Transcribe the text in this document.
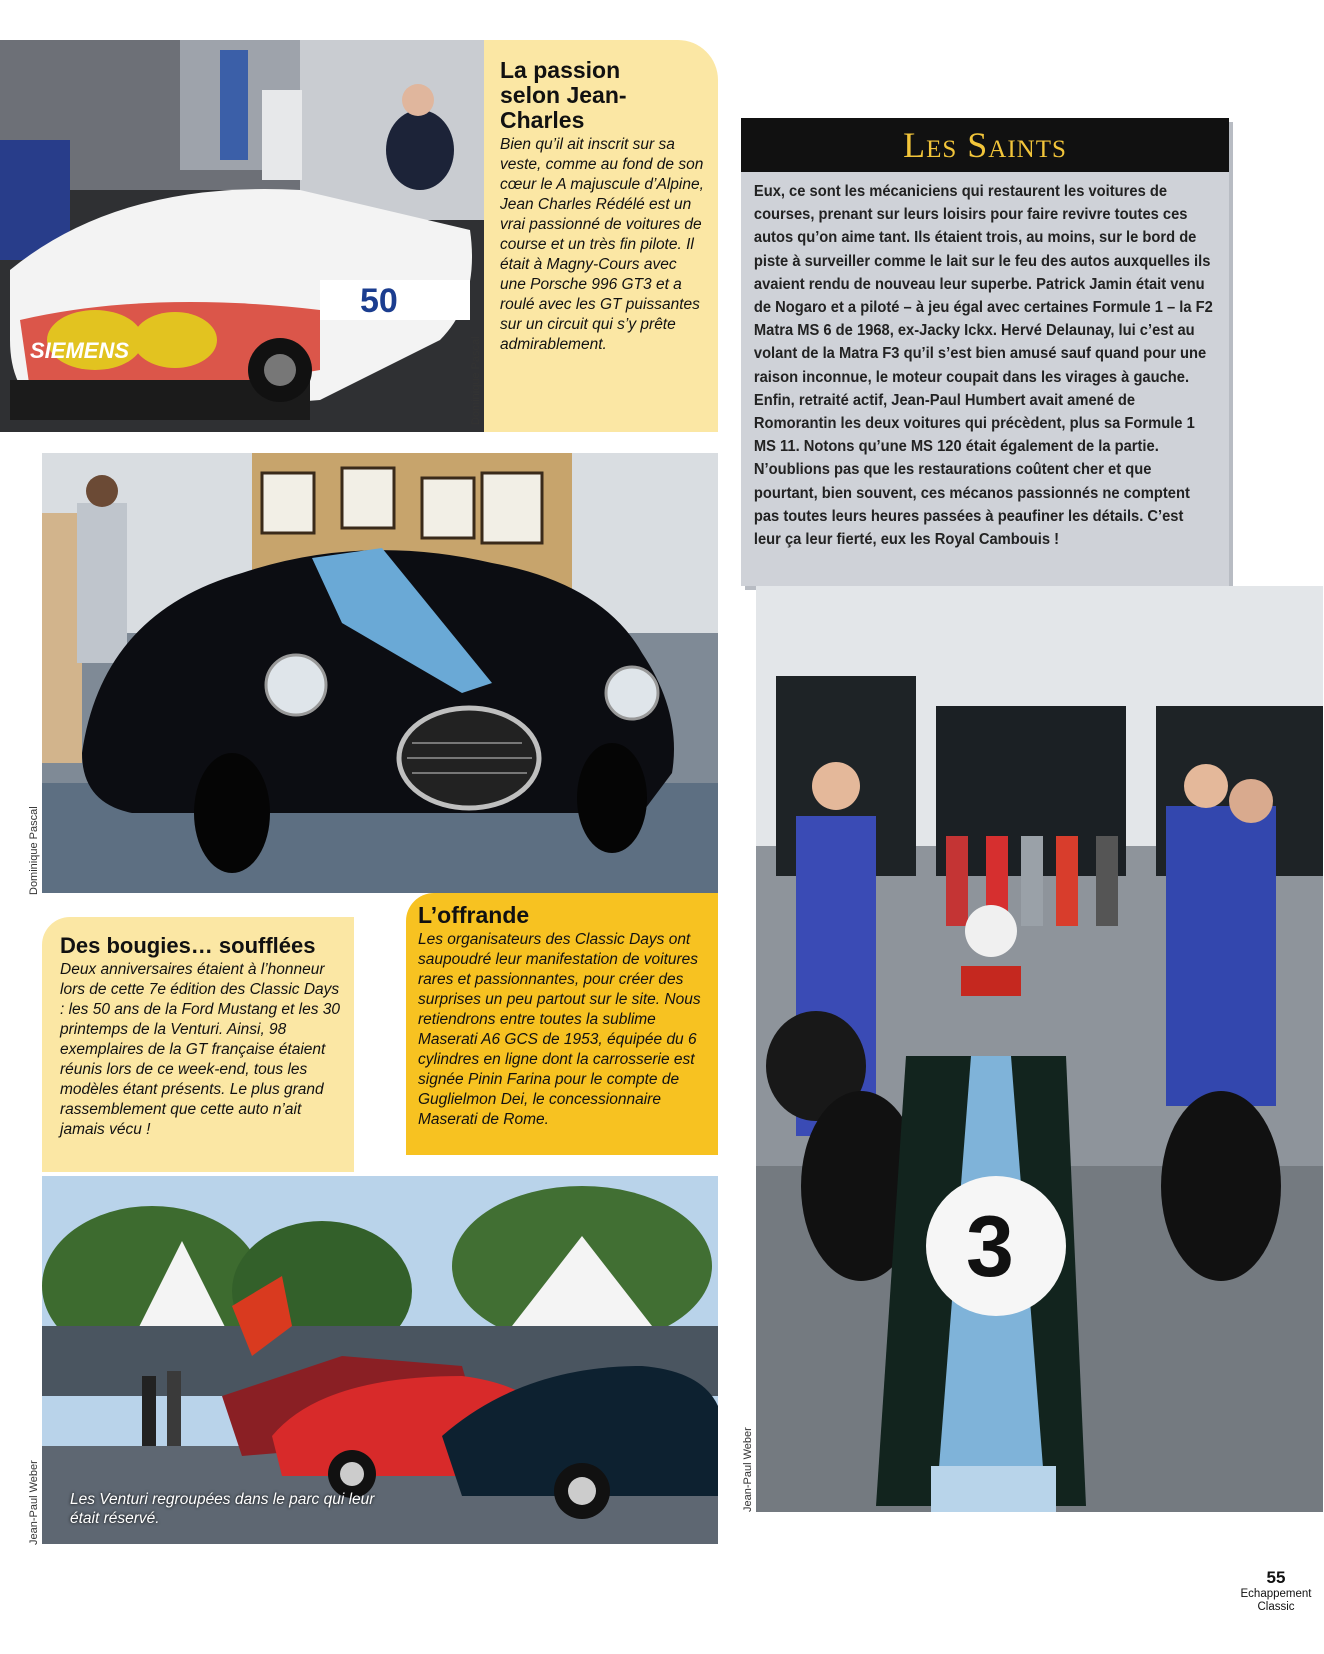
50
SIEMENS	Dominique Pascal
La passion selon Jean-Charles

Bien qu’il ait inscrit sur sa veste, comme au fond de son cœur le A majuscule d’Alpine, Jean Charles Rédélé est un vrai passionné de voitures de course et un très fin pilote. Il était à Magny-Cours avec une Porsche 996 GT3 et a roulé avec les GT puissantes sur un circuit qui s’y prête admirablement.

Les Saints

Eux, ce sont les mécaniciens qui restaurent les voitures de courses, prenant sur leurs loisirs pour faire revivre toutes ces autos qu’on aime tant. Ils étaient trois, au moins, sur le bord de piste à surveiller comme le lait sur le feu des autos auxquelles ils avaient rendu de nouveau leur superbe. Patrick Jamin était venu de Nogaro et a piloté – à jeu égal avec certaines Formule 1 – la F2 Matra MS 6 de 1968, ex-Jacky Ickx. Hervé Delaunay, lui c’est au volant de la Matra F3 qu’il s’est bien amusé sauf quand pour une raison inconnue, le moteur coupait dans les virages à gauche. Enfin, retraité actif, Jean-Paul Humbert avait amené de Romorantin les deux voitures qui précèdent, plus sa Formule 1 MS 11. Notons qu’une MS 120 était également de la partie. N’oublions pas que les restaurations coûtent cher et que pourtant, bien souvent, ces mécanos passionnés ne comptent pas toutes leurs heures passées à peaufiner les détails. C’est leur ça leur fierté, eux les Royal Cambouis !

Dominique Pascal
Des bougies… soufflées

Deux anniversaires étaient à l’honneur lors de cette 7e édition des Classic Days : les 50 ans de la Ford Mustang et les 30 printemps de la Venturi. Ainsi, 98 exemplaires de la GT française étaient réunis lors de ce week-end, tous les modèles étant présents. Le plus grand rassemblement que cette auto n’ait jamais vécu !

L’offrande

Les organisateurs des Classic Days ont saupoudré leur manifestation de voitures rares et passionnantes, pour créer des surprises un peu partout sur le site. Nous retiendrons entre toutes la sublime Maserati A6 GCS de 1953, équipée du 6 cylindres en ligne dont la carrosserie est signée Pinin Farina pour le compte de Guglielmon Dei, le concessionnaire Maserati de Rome.

Les Venturi regroupées dans le parc qui leur était réservé.
Jean-Paul Weber
3
Jean-Paul Weber
55
Echappement
Classic
